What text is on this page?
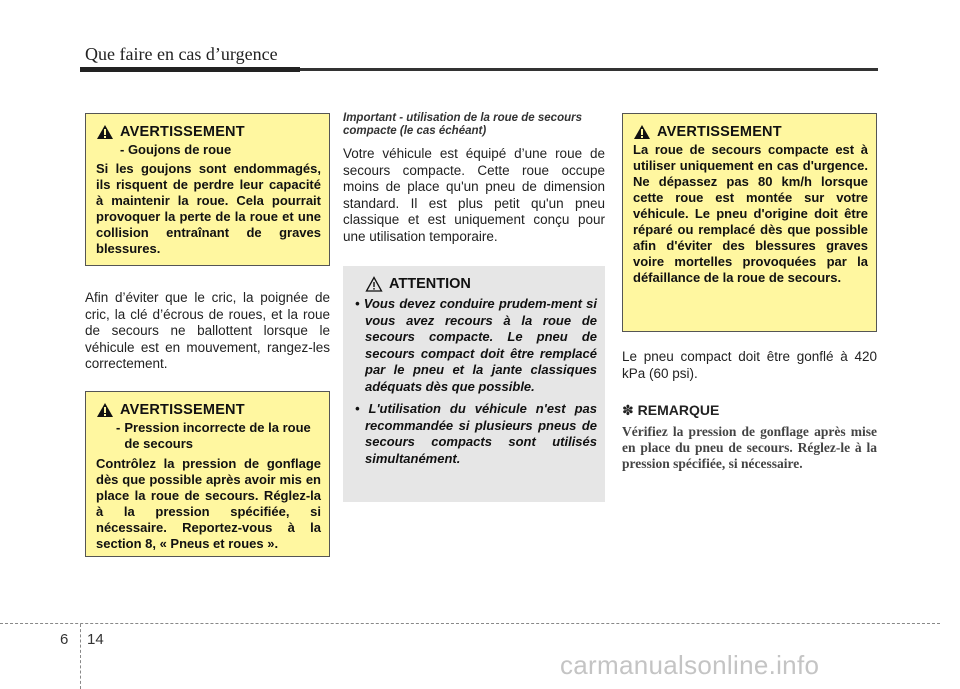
Que faire en cas d’urgence
AVERTISSEMENT
- Goujons de roue
Si les goujons sont endommagés, ils risquent de perdre leur capacité à maintenir la roue. Cela pourrait provoquer la perte de la roue et une collision entraînant de graves blessures.
Afin d’éviter que le cric, la poignée de cric, la clé d’écrous de roues, et la roue de secours ne ballottent lorsque le véhicule est en mouvement, rangez-les correctement.
AVERTISSEMENT
- Pression incorrecte de la roue de secours
Contrôlez la pression de gonflage dès que possible après avoir mis en place la roue de secours. Réglez-la à la pression spécifiée, si nécessaire. Reportez-vous à la section 8, « Pneus et roues ».
Important - utilisation de la roue de secours compacte (le cas échéant)
Votre véhicule est équipé d’une roue de secours compacte. Cette roue occupe moins de place qu'un pneu de dimension standard. Il est plus petit qu'un pneu classique et est uniquement conçu pour une utilisation temporaire.
ATTENTION
• Vous devez conduire prudem-ment si vous avez recours à la roue de secours compacte. Le pneu de secours compact doit être remplacé par le pneu et la jante classiques adéquats dès que possible.
• L'utilisation du véhicule n'est pas recommandée si plusieurs pneus de secours compacts sont utilisés simultanément.
AVERTISSEMENT
La roue de secours compacte est à utiliser uniquement en cas d'urgence. Ne dépassez pas 80 km/h lorsque cette roue est montée sur votre véhicule. Le pneu d'origine doit être réparé ou remplacé dès que possible afin d'éviter des blessures graves voire mortelles provoquées par la défaillance de la roue de secours.
Le pneu compact doit être gonflé à 420 kPa (60 psi).
✽ REMARQUE
Vérifiez la pression de gonflage après mise en place du pneu de secours. Réglez-le à la pression spécifiée, si nécessaire.
6 14
carmanualsonline.info
